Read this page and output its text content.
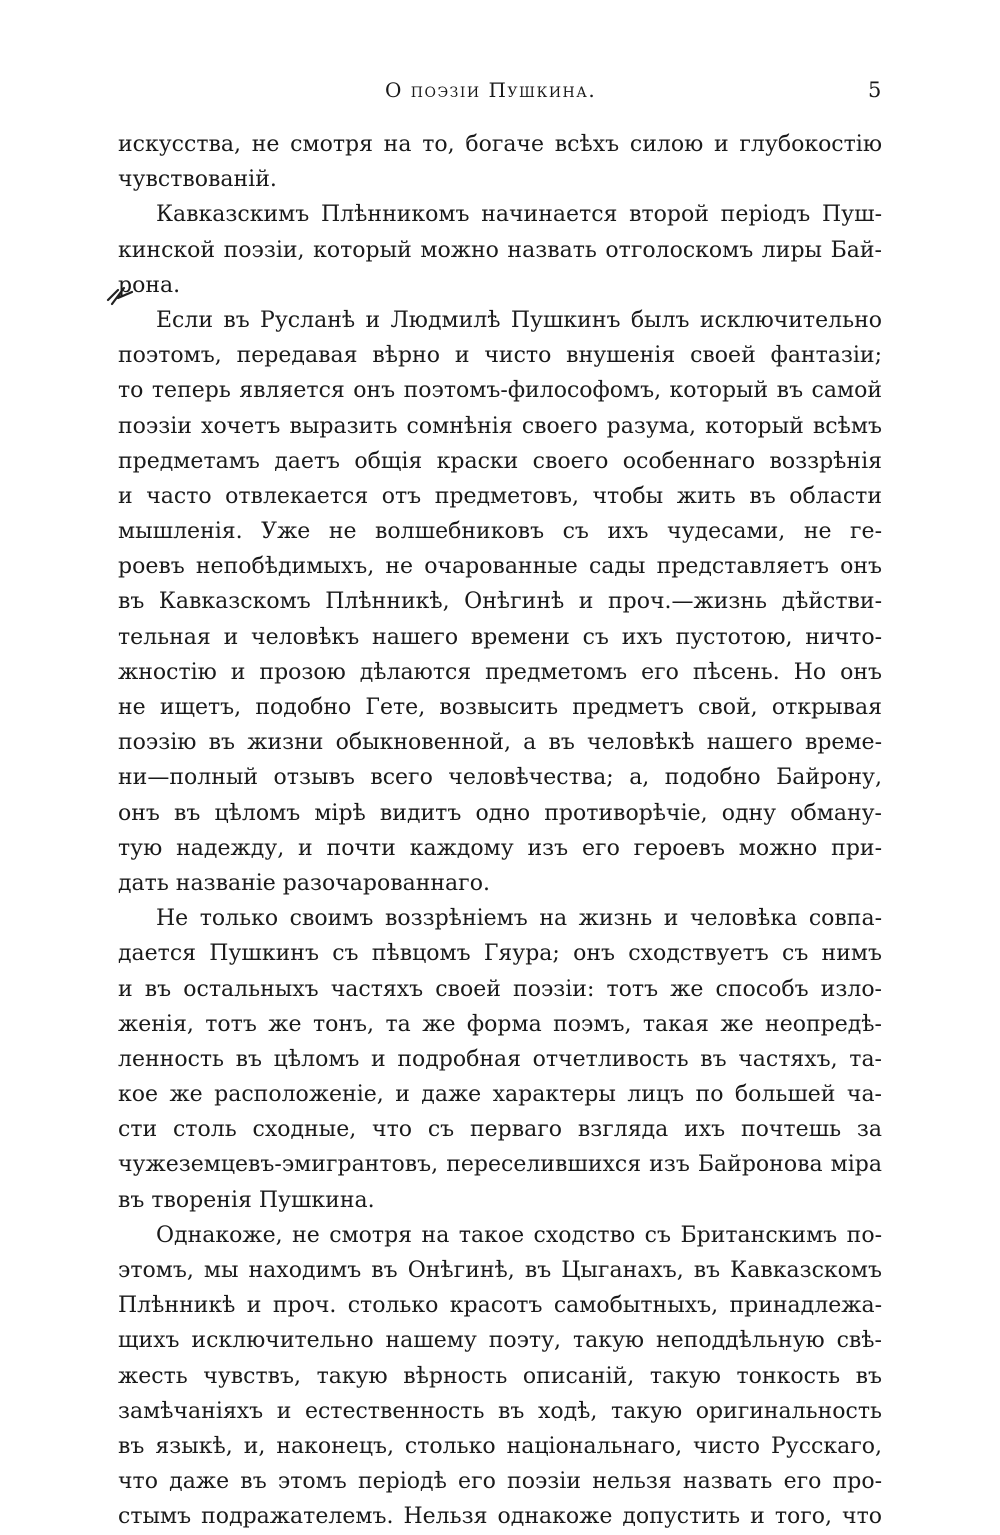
О поэзіи Пушкина.	5
искусства, не смотря на то, богаче всѣхъ силою и глубокостію
чувствованій.
Кавказскимъ Плѣнникомъ начинается второй періодъ Пуш-
кинской поэзіи, который можно назвать отголоскомъ лиры Бай-
рона.
Если въ Русланѣ и Людмилѣ Пушкинъ былъ исключительно
поэтомъ, передавая вѣрно и чисто внушенія своей фантазіи;
то теперь является онъ поэтомъ-философомъ, который въ самой
поэзіи хочетъ выразить сомнѣнія своего разума, который всѣмъ
предметамъ даетъ общія краски своего особеннаго воззрѣнія
и часто отвлекается отъ предметовъ, чтобы жить въ области
мышленія. Уже не волшебниковъ съ ихъ чудесами, не ге-
роевъ непобѣдимыхъ, не очарованные сады представляетъ онъ
въ Кавказскомъ Плѣнникѣ, Онѣгинѣ и проч.—жизнь дѣйстви-
тельная и человѣкъ нашего времени съ ихъ пустотою, ничто-
жностію и прозою дѣлаются предметомъ его пѣсень. Но онъ
не ищетъ, подобно Гете, возвысить предметъ свой, открывая
поэзію въ жизни обыкновенной, а въ человѣкѣ нашего време-
ни—полный отзывъ всего человѣчества; а, подобно Байрону,
онъ въ цѣломъ мірѣ видитъ одно противорѣчіе, одну обману-
тую надежду, и почти каждому изъ его героевъ можно при-
дать названіе разочарованнаго.
Не только своимъ воззрѣніемъ на жизнь и человѣка совпа-
дается Пушкинъ съ пѣвцомъ Гяура; онъ сходствуетъ съ нимъ
и въ остальныхъ частяхъ своей поэзіи: тотъ же способъ изло-
женія, тотъ же тонъ, та же форма поэмъ, такая же неопредѣ-
ленность въ цѣломъ и подробная отчетливость въ частяхъ, та-
кое же расположеніе, и даже характеры лицъ по большей ча-
сти столь сходные, что съ перваго взгляда ихъ почтешь за
чужеземцевъ-эмигрантовъ, переселившихся изъ Байронова міра
въ творенія Пушкина.
Однакоже, не смотря на такое сходство съ Британскимъ по-
этомъ, мы находимъ въ Онѣгинѣ, въ Цыганахъ, въ Кавказскомъ
Плѣнникѣ и проч. столько красотъ самобытныхъ, принадлежа-
щихъ исключительно нашему поэту, такую неподдѣльную свѣ-
жесть чувствъ, такую вѣрность описаній, такую тонкость въ
замѣчаніяхъ и естественность въ ходѣ, такую оригинальность
въ языкѣ, и, наконецъ, столько національнаго, чисто Русскаго,
что даже въ этомъ періодѣ его поэзіи нельзя назвать его про-
стымъ подражателемъ. Нельзя однакоже допустить и того, что
